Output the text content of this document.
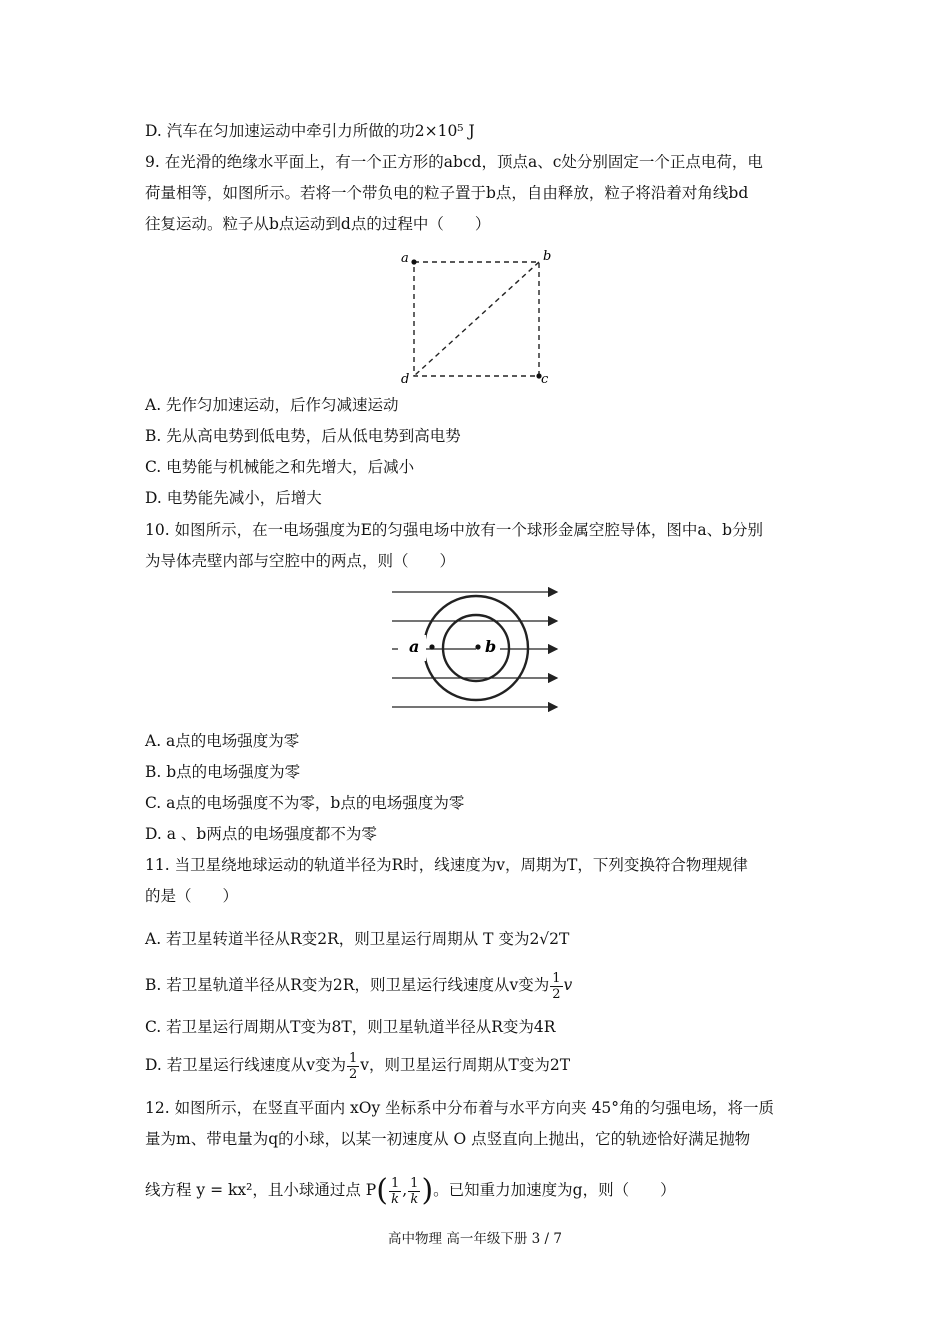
D. 汽车在匀加速运动中牵引力所做的功2×10⁵ J
9. 在光滑的绝缘水平面上，有一个正方形的abcd，顶点a、c处分别固定一个正点电荷，电
荷量相等，如图所示。若将一个带负电的粒子置于b点，自由释放，粒子将沿着对角线bd
往复运动。粒子从b点运动到d点的过程中（　　）
a	b
c
d
A. 先作匀加速运动，后作匀减速运动
B. 先从高电势到低电势，后从低电势到高电势
C. 电势能与机械能之和先增大，后减小
D. 电势能先减小，后增大
10. 如图所示，在一电场强度为E的匀强电场中放有一个球形金属空腔导体，图中a、b分别
为导体壳壁内部与空腔中的两点，则（　　）
a	b
A. a点的电场强度为零
B. b点的电场强度为零
C. a点的电场强度不为零，b点的电场强度为零
D. a 、b两点的电场强度都不为零
11. 当卫星绕地球运动的轨道半径为R时，线速度为v，周期为T，下列变换符合物理规律
的是（　　）
A. 若卫星转道半径从R变2R，则卫星运行周期从 T 变为2√2T
B. 若卫星轨道半径从R变为2R，则卫星运行线速度从v变为 $\frac{1}{2}$ v
C. 若卫星运行周期从T变为8T，则卫星轨道半径从R变为4R
D. 若卫星运行线速度从v变为 $\frac{1}{2}$ v，则卫星运行周期从T变为2T
12. 如图所示，在竖直平面内 xOy 坐标系中分布着与水平方向夹 45°角的匀强电场，将一质
量为m、带电量为q的小球，以某一初速度从 O 点竖直向上抛出，它的轨迹恰好满足抛物
线方程 y = kx²，且小球通过点 $P( \frac{1}{k}$ , $\frac{1}{k}$ )。已知重力加速度为g，则（　　）
高中物理 高一年级下册 3 / 7
